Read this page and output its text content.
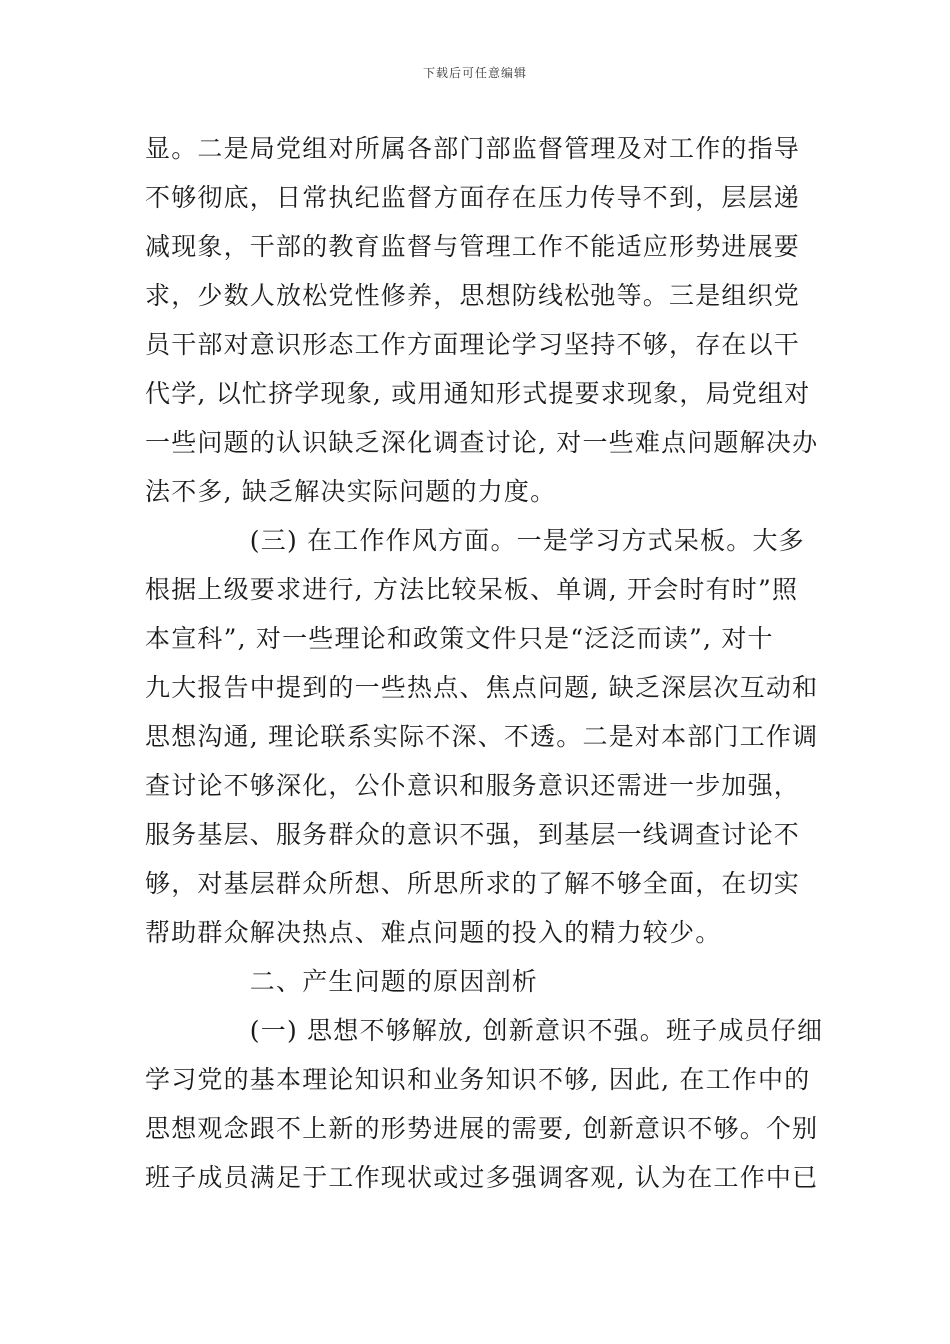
下载后可任意编辑
显。二是局党组对所属各部门部监督管理及对工作的指导
不够彻底，日常执纪监督方面存在压力传导不到，层层递
减现象，干部的教育监督与管理工作不能适应形势进展要
求，少数人放松党性修养，思想防线松弛等。三是组织党
员干部对意识形态工作方面理论学习坚持不够，存在以干
代学, 以忙挤学现象, 或用通知形式提要求现象，局党组对
一些问题的认识缺乏深化调查讨论, 对一些难点问题解决办
法不多, 缺乏解决实际问题的力度。
　　　　(三) 在工作作风方面。一是学习方式呆板。大多
根据上级要求进行, 方法比较呆板、单调, 开会时有时”照
本宣科”, 对一些理论和政策文件只是“泛泛而读”, 对十
九大报告中提到的一些热点、焦点问题, 缺乏深层次互动和
思想沟通, 理论联系实际不深、不透。二是对本部门工作调
查讨论不够深化，公仆意识和服务意识还需进一步加强，
服务基层、服务群众的意识不强，到基层一线调查讨论不
够，对基层群众所想、所思所求的了解不够全面，在切实
帮助群众解决热点、难点问题的投入的精力较少。
　　　　二、产生问题的原因剖析
　　　　(一) 思想不够解放, 创新意识不强。班子成员仔细
学习党的基本理论知识和业务知识不够, 因此, 在工作中的
思想观念跟不上新的形势进展的需要, 创新意识不够。个别
班子成员满足于工作现状或过多强调客观, 认为在工作中已
